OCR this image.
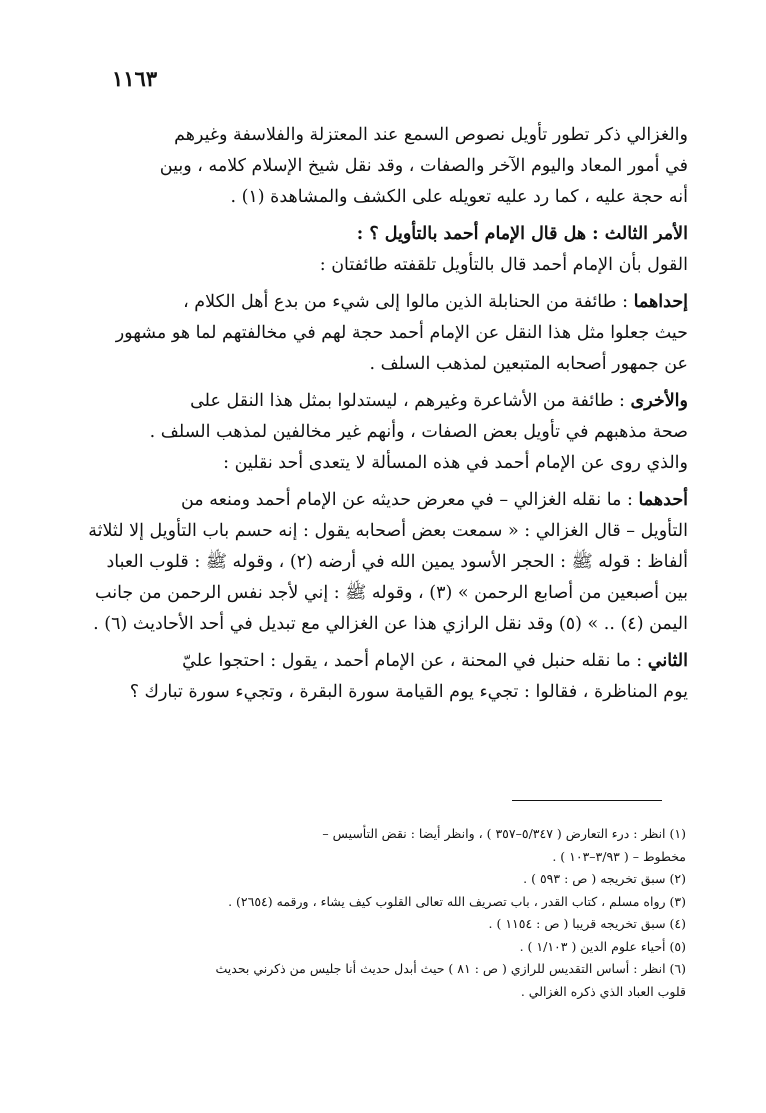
١١٦٣
والغزالي ذكر تطور تأويل نصوص السمع عند المعتزلة والفلاسفة وغيرهم
في أمور المعاد واليوم الآخر والصفات ، وقد نقل شيخ الإسلام كلامه ، وبين
أنه حجة عليه ، كما رد عليه تعويله على الكشف والمشاهدة (١) .
الأمر الثالث : هل قال الإمام أحمد بالتأويل ؟ :
القول بأن الإمام أحمد قال بالتأويل تلقفته طائفتان :
إحداهما : طائفة من الحنابلة الذين مالوا إلى شيء من بدع أهل الكلام ،
حيث جعلوا مثل هذا النقل عن الإمام أحمد حجة لهم في مخالفتهم لما هو مشهور
عن جمهور أصحابه المتبعين لمذهب السلف .
والأخرى : طائفة من الأشاعرة وغيرهم ، ليستدلوا بمثل هذا النقل على
صحة مذهبهم في تأويل بعض الصفات ، وأنهم غير مخالفين لمذهب السلف .
والذي روى عن الإمام أحمد في هذه المسألة لا يتعدى أحد نقلين :
أحدهما : ما نقله الغزالي – في معرض حديثه عن الإمام أحمد ومنعه من
التأويل – قال الغزالي : « سمعت بعض أصحابه يقول : إنه حسم باب التأويل إلا لثلاثة
ألفاظ : قوله ﷺ : الحجر الأسود يمين الله في أرضه (٢) ، وقوله ﷺ : قلوب العباد
بين أصبعين من أصابع الرحمن » (٣) ، وقوله ﷺ : إني لأجد نفس الرحمن من جانب
اليمن (٤) .. » (٥) وقد نقل الرازي هذا عن الغزالي مع تبديل في أحد الأحاديث (٦) .
الثاني : ما نقله حنبل في المحنة ، عن الإمام أحمد ، يقول : احتجوا عليّ
يوم المناظرة ، فقالوا : تجيء يوم القيامة سورة البقرة ، وتجيء سورة تبارك ؟
(١) انظر : درء التعارض ( ٥/٣٤٧–٣٥٧ ) ، وانظر أيضا : نقض التأسيس –
مخطوط – ( ٣/٩٣–١٠٣ ) .
(٢) سبق تخريجه ( ص : ٥٩٣ ) .
(٣) رواه مسلم ، كتاب القدر ، باب تصريف الله تعالى القلوب كيف يشاء ، ورقمه (٢٦٥٤) .
(٤) سبق تخريجه قريبا ( ص : ١١٥٤ ) .
(٥) أحياء علوم الدين ( ١/١٠٣ ) .
(٦) انظر : أساس التقديس للرازي ( ص : ٨١ ) حيث أبدل حديث أنا جليس من ذكرني بحديث
قلوب العباد الذي ذكره الغزالي .
